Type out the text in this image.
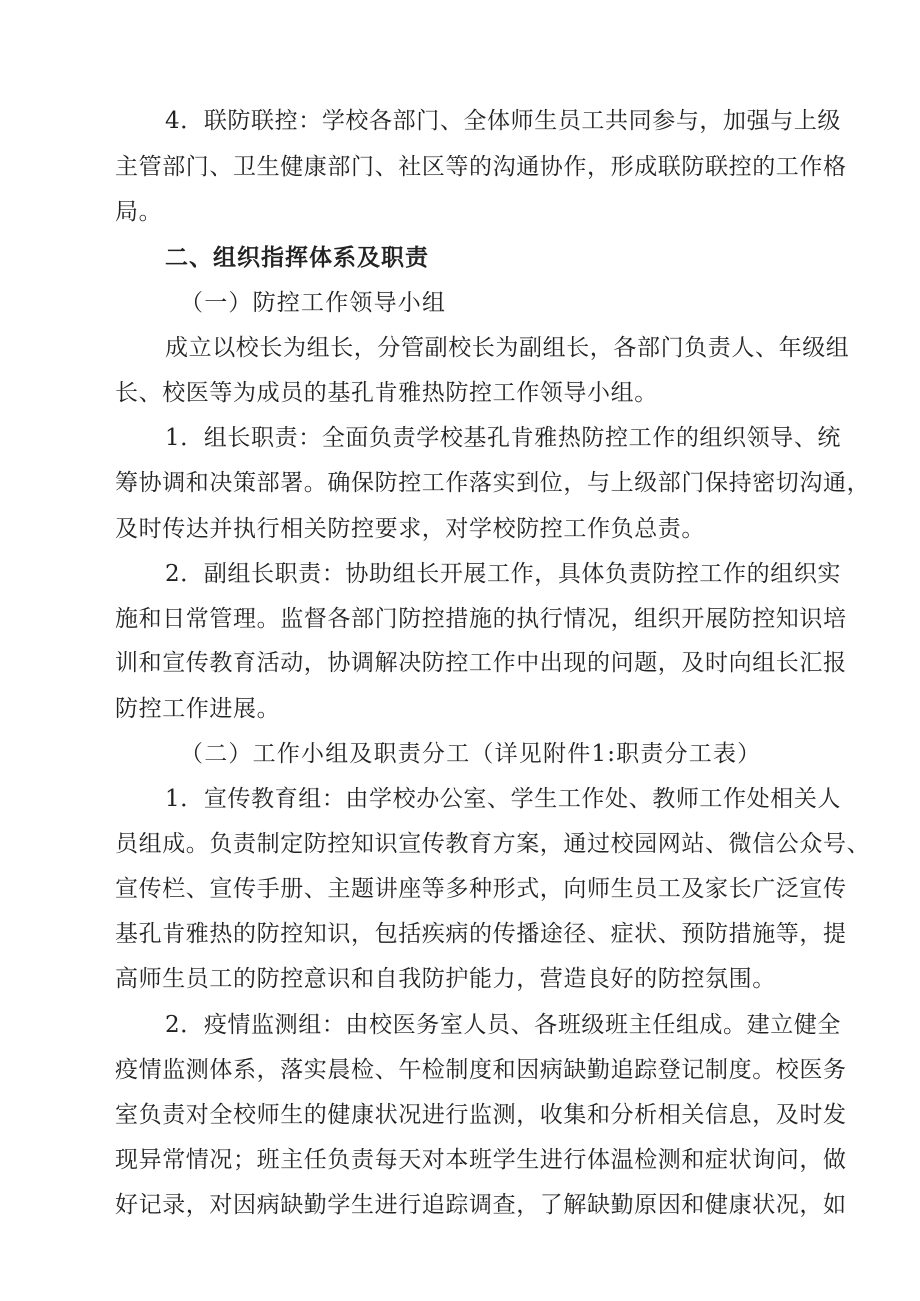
4．联防联控：学校各部门、全体师生员工共同参与，加强与上级
主管部门、卫生健康部门、社区等的沟通协作，形成联防联控的工作格
局。
二、组织指挥体系及职责
（一）防控工作领导小组
成立以校长为组长，分管副校长为副组长，各部门负责人、年级组
长、校医等为成员的基孔肯雅热防控工作领导小组。
1．组长职责：全面负责学校基孔肯雅热防控工作的组织领导、统
筹协调和决策部署。确保防控工作落实到位，与上级部门保持密切沟通，
及时传达并执行相关防控要求，对学校防控工作负总责。
2．副组长职责：协助组长开展工作，具体负责防控工作的组织实
施和日常管理。监督各部门防控措施的执行情况，组织开展防控知识培
训和宣传教育活动，协调解决防控工作中出现的问题，及时向组长汇报
防控工作进展。
（二）工作小组及职责分工（详见附件1:职责分工表）
1．宣传教育组：由学校办公室、学生工作处、教师工作处相关人
员组成。负责制定防控知识宣传教育方案，通过校园网站、微信公众号、
宣传栏、宣传手册、主题讲座等多种形式，向师生员工及家长广泛宣传
基孔肯雅热的防控知识，包括疾病的传播途径、症状、预防措施等，提
高师生员工的防控意识和自我防护能力，营造良好的防控氛围。
2．疫情监测组：由校医务室人员、各班级班主任组成。建立健全
疫情监测体系，落实晨检、午检制度和因病缺勤追踪登记制度。校医务
室负责对全校师生的健康状况进行监测，收集和分析相关信息，及时发
现异常情况；班主任负责每天对本班学生进行体温检测和症状询问，做
好记录，对因病缺勤学生进行追踪调查，了解缺勤原因和健康状况，如
